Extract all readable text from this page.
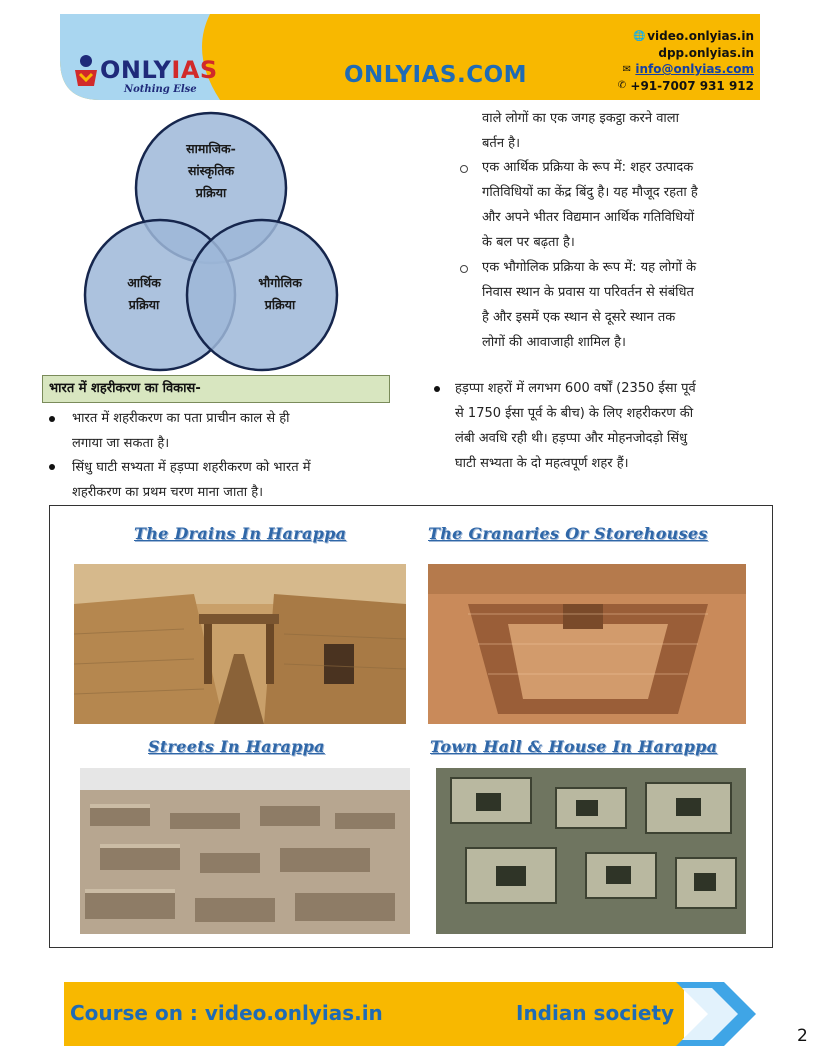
ONLYIAS
Nothing Else
ONLYIAS.COM
🌐 video.onlyias.in
dpp.onlyias.in
✉ info@onlyias.com
✆ +91-7007 931 912
सामाजिक-
सांस्कृतिक
प्रक्रिया
आर्थिक
प्रक्रिया
भौगोलिक
प्रक्रिया

वाले लोगों का एक जगह इकट्ठा करने वाला

बर्तन है।

एक आर्थिक प्रक्रिया के रूप में: शहर उत्पादक

गतिविधियों का केंद्र बिंदु है। यह मौजूद रहता है

और अपने भीतर विद्यमान आर्थिक गतिविधियों

के बल पर बढ़ता है।

एक भौगोलिक प्रक्रिया के रूप में: यह लोगों के

निवास स्थान के प्रवास या परिवर्तन से संबंधित

है और इसमें एक स्थान से दूसरे स्थान तक

लोगों की आवाजाही शामिल है।

हड़प्पा शहरों में लगभग 600 वर्षों (2350 ईसा पूर्व

से 1750 ईसा पूर्व के बीच) के लिए शहरीकरण की

लंबी अवधि रही थी। हड़प्पा और मोहनजोदड़ो सिंधु

घाटी सभ्यता के दो महत्वपूर्ण शहर हैं।

भारत में शहरीकरण का विकास-
भारत में शहरीकरण का पता प्राचीन काल से ही
लगाया जा सकता है।
सिंधु घाटी सभ्यता में हड़प्पा शहरीकरण को भारत में
शहरीकरण का प्रथम चरण माना जाता है।
The Drains In Harappa	The Granaries Or Storehouses
Streets In Harappa	Town Hall & House In Harappa
Course on : video.onlyias.in	Indian society
2
